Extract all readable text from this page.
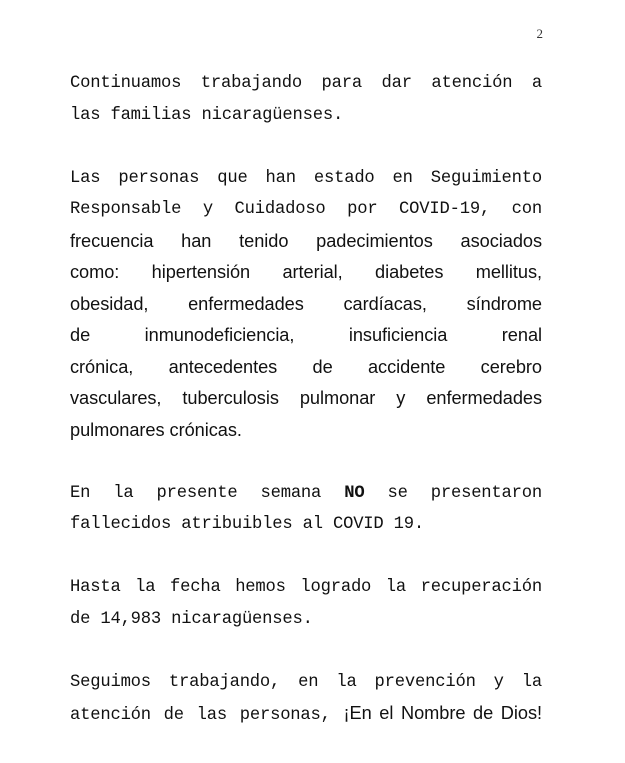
2

Continuamos trabajando para dar atención a
las familias nicaragüenses.

Las personas que han estado en Seguimiento
Responsable y Cuidadoso por COVID-19, con
frecuencia han tenido padecimientos asociados
como: hipertensión arterial, diabetes mellitus,
obesidad, enfermedades cardíacas, síndrome
de inmunodeficiencia, insuficiencia renal
crónica, antecedentes de accidente cerebro
vasculares, tuberculosis pulmonar y enfermedades
pulmonares crónicas.

En la presente semana NO se presentaron
fallecidos atribuibles al COVID 19.

Hasta la fecha hemos logrado la recuperación
de 14,983 nicaragüenses.

Seguimos trabajando, en la prevención y la
atención de las personas, ¡En el Nombre de Dios!
